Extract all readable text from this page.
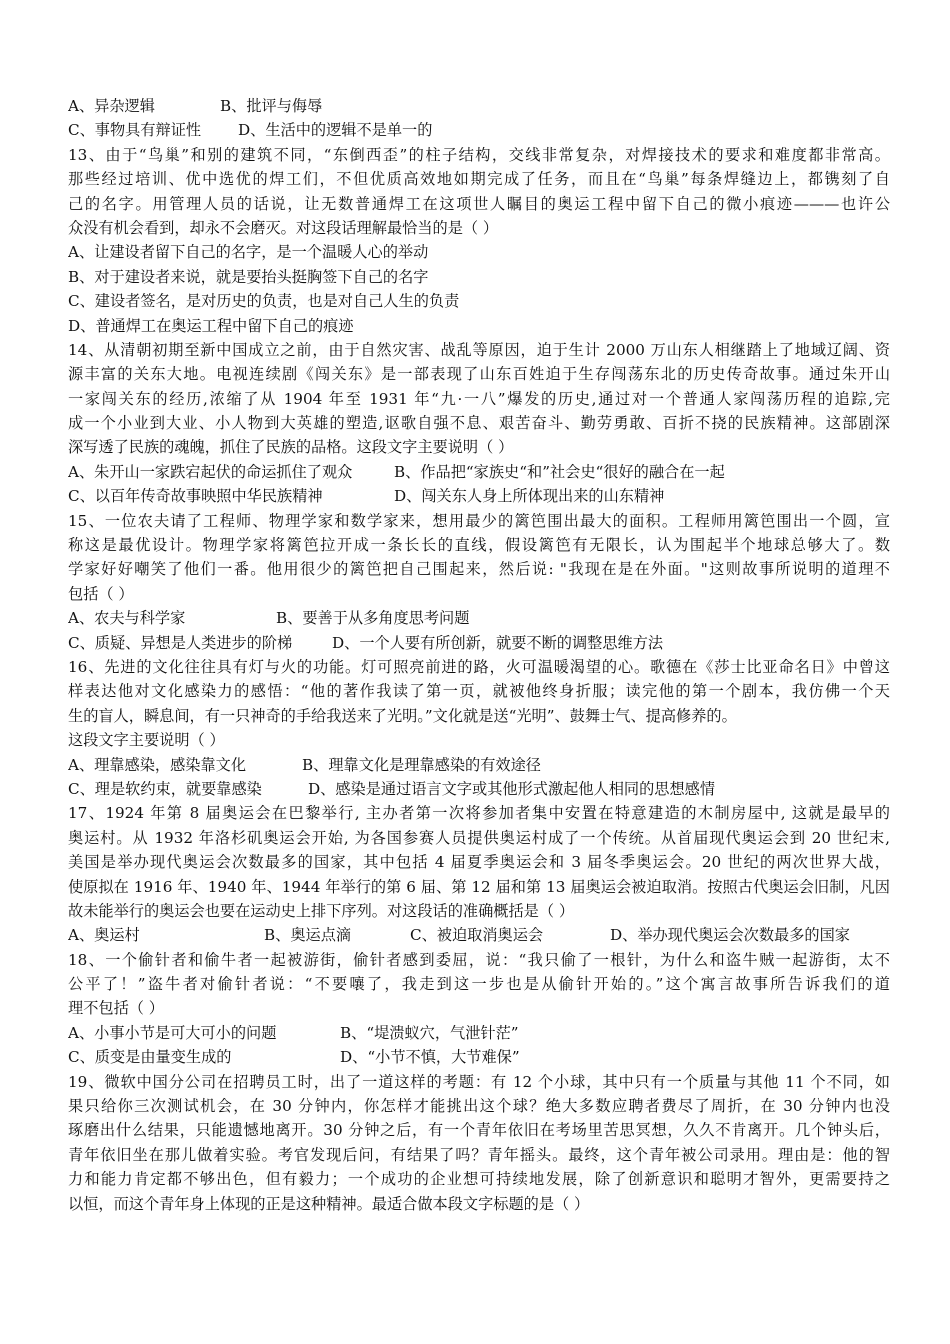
A、异杂逻辑	B、批评与侮辱
C、事物具有辩证性 D、生活中的逻辑不是单一的
13、由于“鸟巢”和别的建筑不同，“东倒西歪”的柱子结构，交线非常复杂，对焊接技术的要求和难度都非常高。
那些经过培训、优中选优的焊工们，不但优质高效地如期完成了任务，而且在“鸟巢”每条焊缝边上，都镌刻了自
己的名字。用管理人员的话说，让无数普通焊工在这项世人瞩目的奥运工程中留下自己的微小痕迹———也许公
众没有机会看到，却永不会磨灭。对这段话理解最恰当的是（ ）
A、让建设者留下自己的名字，是一个温暖人心的举动
B、对于建设者来说，就是要抬头挺胸签下自己的名字
C、建设者签名，是对历史的负责，也是对自己人生的负责
D、普通焊工在奥运工程中留下自己的痕迹
14、从清朝初期至新中国成立之前，由于自然灾害、战乱等原因，迫于生计 2000 万山东人相继踏上了地域辽阔、资
源丰富的关东大地。电视连续剧《闯关东》是一部表现了山东百姓迫于生存闯荡东北的历史传奇故事。通过朱开山
一家闯关东的经历,浓缩了从 1904 年至 1931 年“九·一八”爆发的历史,通过对一个普通人家闯荡历程的追踪,完
成一个小业到大业、小人物到大英雄的塑造,讴歌自强不息、艰苦奋斗、勤劳勇敢、百折不挠的民族精神。这部剧深
深写透了民族的魂魄，抓住了民族的品格。这段文字主要说明（ ）
A、朱开山一家跌宕起伏的命运抓住了观众	B、作品把“家族史“和”社会史“很好的融合在一起
C、以百年传奇故事映照中华民族精神	D、闯关东人身上所体现出来的山东精神
15、一位农夫请了工程师、物理学家和数学家来，想用最少的篱笆围出最大的面积。工程师用篱笆围出一个圆，宣
称这是最优设计。物理学家将篱笆拉开成一条长长的直线，假设篱笆有无限长，认为围起半个地球总够大了。数
学家好好嘲笑了他们一番。他用很少的篱笆把自己围起来，然后说: "我现在是在外面。"这则故事所说明的道理不
包括（ ）
A、农夫与科学家	B、要善于从多角度思考问题
C、质疑、异想是人类进步的阶梯	D、一个人要有所创新，就要不断的调整思维方法
16、先进的文化往往具有灯与火的功能。灯可照亮前进的路，火可温暖渴望的心。歌德在《莎士比亚命名日》中曾这
样表达他对文化感染力的感悟：“他的著作我读了第一页，就被他终身折服；读完他的第一个剧本，我仿佛一个天
生的盲人，瞬息间，有一只神奇的手给我送来了光明。”文化就是送“光明”、鼓舞士气、提高修养的。
这段文字主要说明（ ）
A、理靠感染，感染靠文化	B、理靠文化是理靠感染的有效途径
C、理是软约束，就要靠感染	D、感染是通过语言文字或其他形式激起他人相同的思想感情
17、1924 年第 8 届奥运会在巴黎举行, 主办者第一次将参加者集中安置在特意建造的木制房屋中, 这就是最早的
奥运村。从 1932 年洛杉矶奥运会开始, 为各国参赛人员提供奥运村成了一个传统。从首届现代奥运会到 20 世纪末,
美国是举办现代奥运会次数最多的国家，其中包括 4 届夏季奥运会和 3 届冬季奥运会。20 世纪的两次世界大战，
使原拟在 1916 年、1940 年、1944 年举行的第 6 届、第 12 届和第 13 届奥运会被迫取消。按照古代奥运会旧制，凡因
故未能举行的奥运会也要在运动史上排下序列。对这段话的准确概括是（ ）
A、奥运村	B、奥运点滴	C、被迫取消奥运会	D、举办现代奥运会次数最多的国家
18、一个偷针者和偷牛者一起被游街，偷针者感到委屈，说：“我只偷了一根针，为什么和盗牛贼一起游街，太不
公平了！”盗牛者对偷针者说：“不要嚷了，我走到这一步也是从偷针开始的。”这个寓言故事所告诉我们的道
理不包括（ ）
A、小事小节是可大可小的问题	B、“堤溃蚁穴，气泄针茫”
C、质变是由量变生成的	D、“小节不慎，大节难保”
19、微软中国分公司在招聘员工时，出了一道这样的考题：有 12 个小球，其中只有一个质量与其他 11 个不同，如
果只给你三次测试机会，在 30 分钟内，你怎样才能挑出这个球？绝大多数应聘者费尽了周折，在 30 分钟内也没
琢磨出什么结果，只能遗憾地离开。30 分钟之后，有一个青年依旧在考场里苦思冥想，久久不肯离开。几个钟头后，
青年依旧坐在那儿做着实验。考官发现后问，有结果了吗？青年摇头。最终，这个青年被公司录用。理由是：他的智
力和能力肯定都不够出色，但有毅力；一个成功的企业想可持续地发展，除了创新意识和聪明才智外，更需要持之
以恒，而这个青年身上体现的正是这种精神。最适合做本段文字标题的是（ ）
